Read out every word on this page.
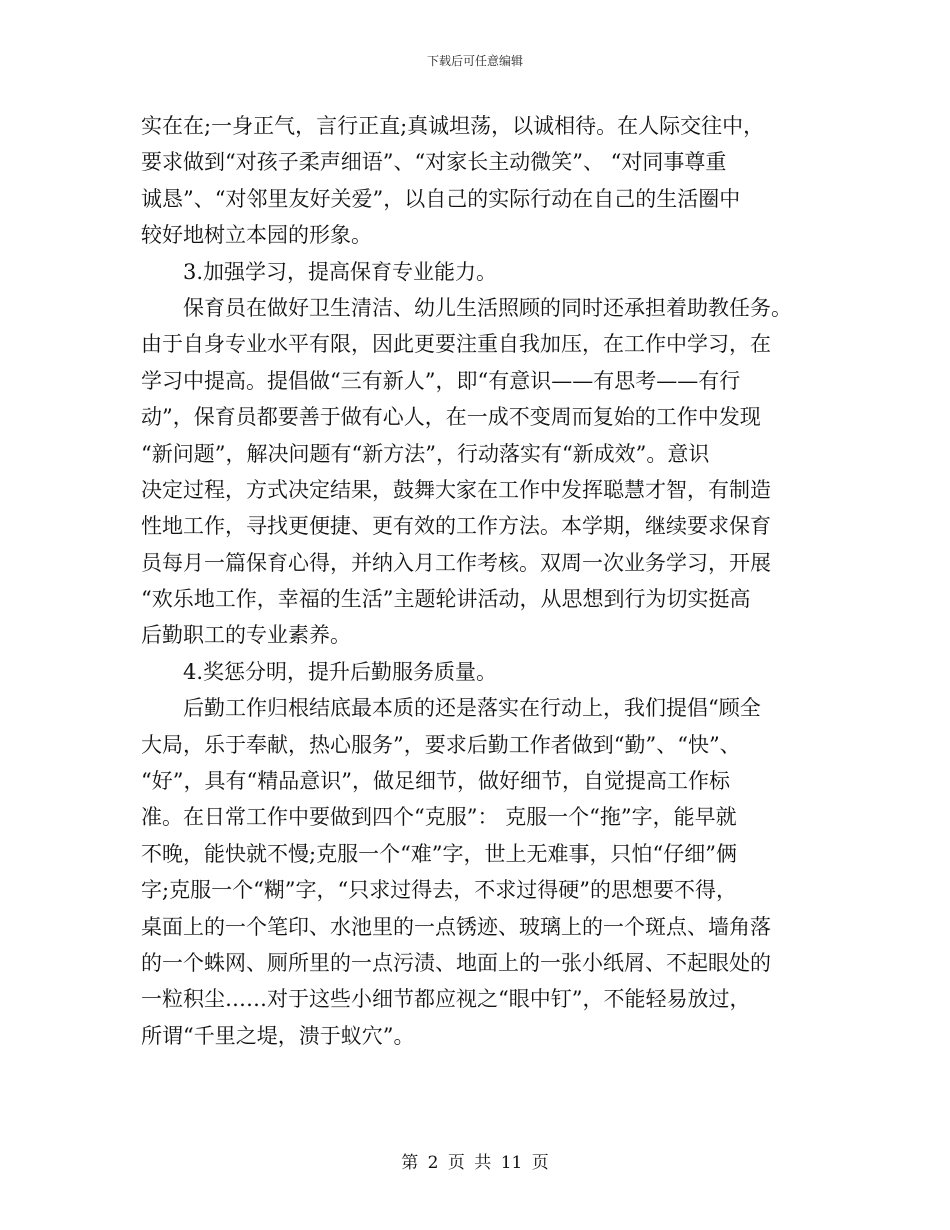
下载后可任意编辑
实在在;一身正气，言行正直;真诚坦荡，以诚相待。在人际交往中，
要求做到“对孩子柔声细语”、“对家长主动微笑”、 “对同事尊重
诚恳”、“对邻里友好关爱”，以自己的实际行动在自己的生活圈中
较好地树立本园的形象。
3.加强学习，提高保育专业能力。
保育员在做好卫生清洁、幼儿生活照顾的同时还承担着助教任务。
由于自身专业水平有限，因此更要注重自我加压，在工作中学习，在
学习中提高。提倡做“三有新人”，即“有意识——有思考——有行
动”，保育员都要善于做有心人，在一成不变周而复始的工作中发现
“新问题”，解决问题有“新方法”，行动落实有“新成效”。意识
决定过程，方式决定结果，鼓舞大家在工作中发挥聪慧才智，有制造
性地工作，寻找更便捷、更有效的工作方法。本学期，继续要求保育
员每月一篇保育心得，并纳入月工作考核。双周一次业务学习，开展
“欢乐地工作，幸福的生活”主题轮讲活动，从思想到行为切实挺高
后勤职工的专业素养。
4.奖惩分明，提升后勤服务质量。
后勤工作归根结底最本质的还是落实在行动上，我们提倡“顾全
大局，乐于奉献，热心服务”，要求后勤工作者做到“勤”、“快”、
“好”，具有“精品意识”，做足细节，做好细节，自觉提高工作标
准。在日常工作中要做到四个“克服”： 克服一个“拖”字，能早就
不晚，能快就不慢;克服一个“难”字，世上无难事，只怕“仔细”俩
字;克服一个“糊”字，“只求过得去，不求过得硬”的思想要不得，
桌面上的一个笔印、水池里的一点锈迹、玻璃上的一个斑点、墙角落
的一个蛛网、厕所里的一点污渍、地面上的一张小纸屑、不起眼处的
一粒积尘……对于这些小细节都应视之“眼中钉”，不能轻易放过，
所谓“千里之堤，溃于蚁穴”。
第 2 页 共 11 页
